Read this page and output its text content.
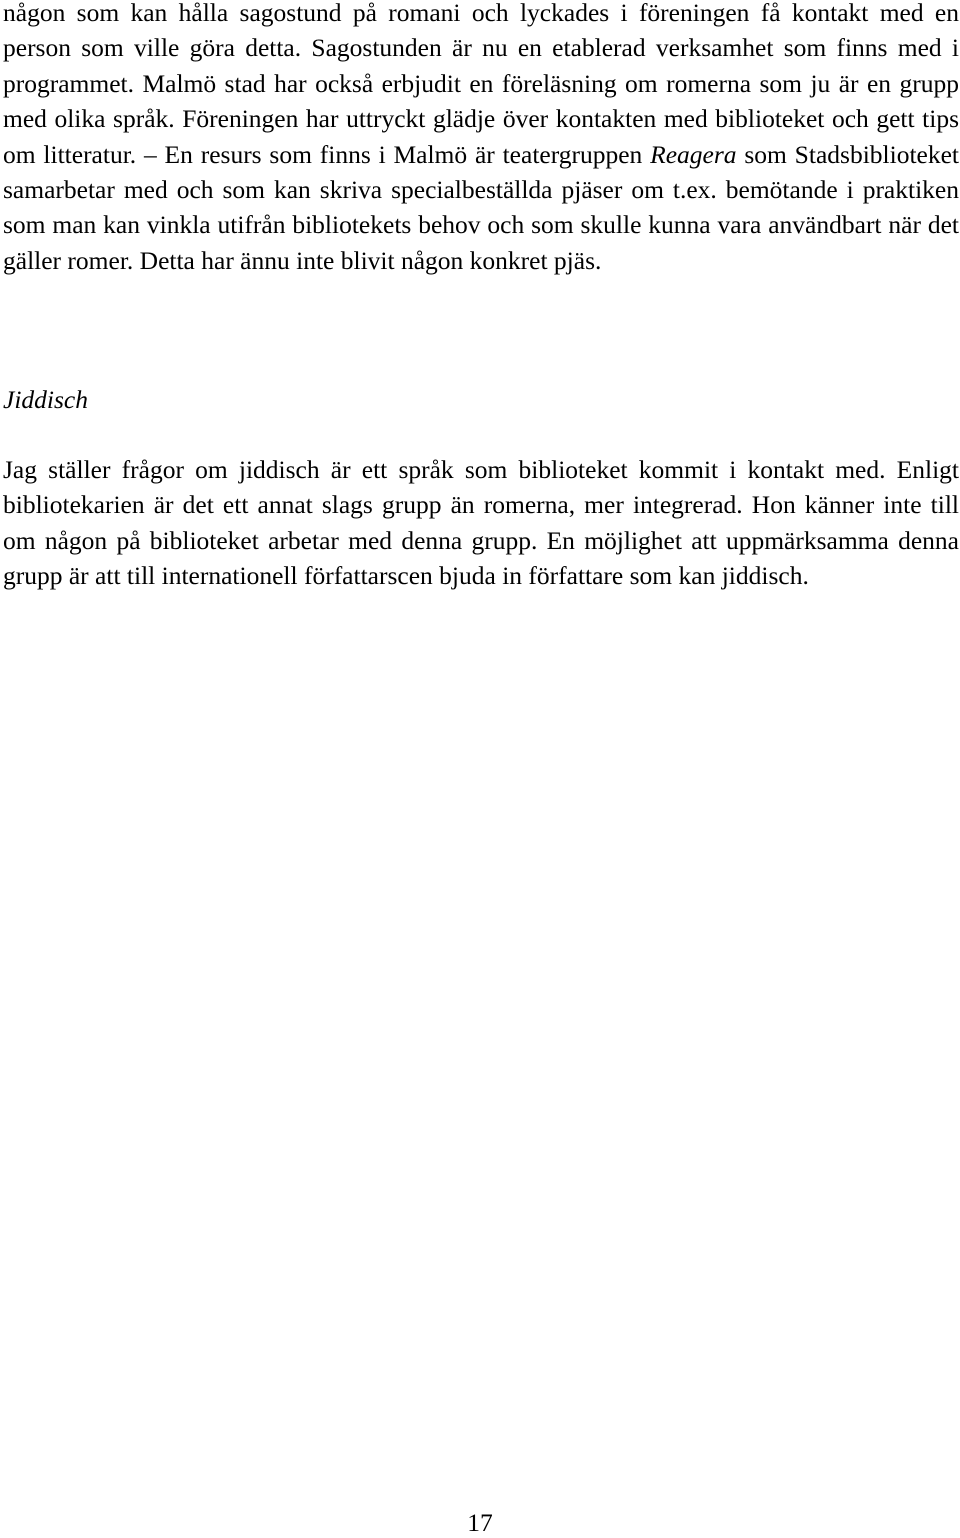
någon som kan hålla sagostund på romani och lyckades i föreningen få kontakt med en person som ville göra detta. Sagostunden är nu en etablerad verksamhet som finns med i programmet. Malmö stad har också erbjudit en föreläsning om romerna som ju är en grupp med olika språk. Föreningen har uttryckt glädje över kontakten med biblioteket och gett tips om litteratur. – En resurs som finns i Malmö är teatergruppen Reagera som Stadsbiblioteket samarbetar med och som kan skriva specialbeställda pjäser om t.ex. bemötande i praktiken som man kan vinkla utifrån bibliotekets behov och som skulle kunna vara användbart när det gäller romer. Detta har ännu inte blivit någon konkret pjäs.

Jiddisch

Jag ställer frågor om jiddisch är ett språk som biblioteket kommit i kontakt med. Enligt bibliotekarien är det ett annat slags grupp än romerna, mer integrerad. Hon känner inte till om någon på biblioteket arbetar med denna grupp. En möjlighet att uppmärksamma denna grupp är att till internationell författarscen bjuda in författare som kan jiddisch.

17
